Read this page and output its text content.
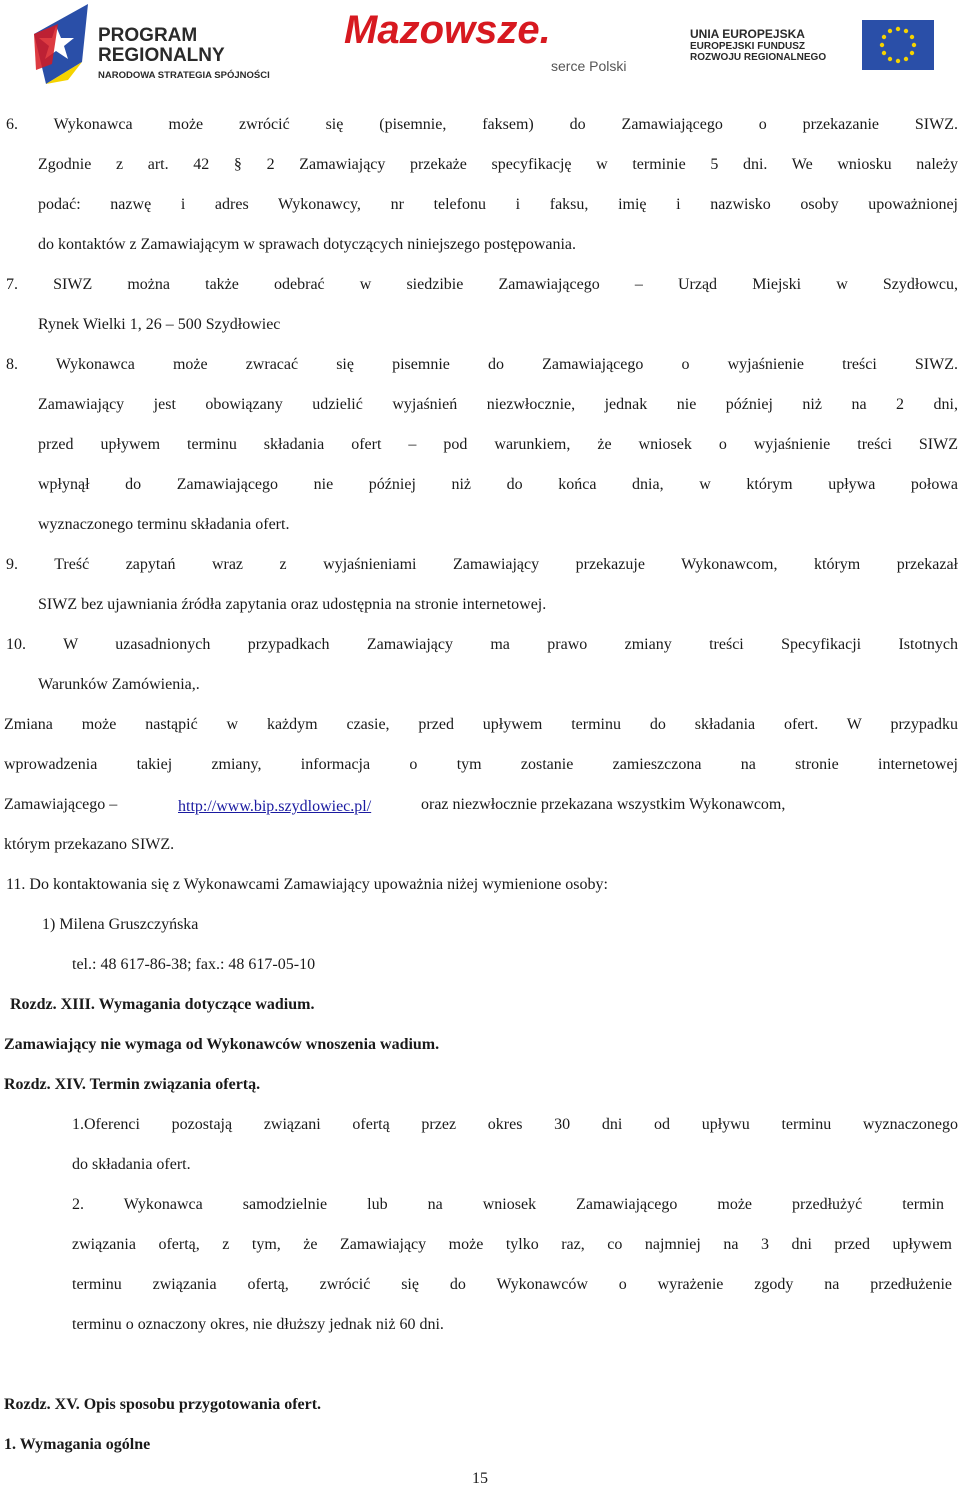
PROGRAM
REGIONALNY
NARODOWA STRATEGIA SPÓJNOŚCI
Mazowsze.
serce Polski
UNIA EUROPEJSKA
EUROPEJSKI FUNDUSZ
ROZWOJU REGIONALNEGO
6. Wykonawca może zwrócić się (pisemnie, faksem) do Zamawiającego o przekazanie SIWZ.
Zgodnie z art. 42 § 2 Zamawiający przekaże specyfikację w terminie 5 dni. We wniosku należy
podać: nazwę i adres Wykonawcy, nr telefonu i faksu, imię i nazwisko osoby upoważnionej
do kontaktów z Zamawiającym w sprawach dotyczących niniejszego postępowania.
7. SIWZ można także odebrać w siedzibie Zamawiającego – Urząd Miejski w Szydłowcu,
Rynek Wielki 1, 26 – 500 Szydłowiec
8. Wykonawca może zwracać się pisemnie do Zamawiającego o wyjaśnienie treści SIWZ.
Zamawiający jest obowiązany udzielić wyjaśnień niezwłocznie, jednak nie później niż na 2 dni,
przed upływem terminu składania ofert – pod warunkiem, że wniosek o wyjaśnienie treści SIWZ
wpłynął do Zamawiającego nie później niż do końca dnia, w którym upływa połowa
wyznaczonego terminu składania ofert.
9. Treść zapytań wraz z wyjaśnieniami Zamawiający przekazuje Wykonawcom, którym przekazał
SIWZ bez ujawniania źródła zapytania oraz udostępnia na stronie internetowej.
10. W uzasadnionych przypadkach Zamawiający ma prawo zmiany treści Specyfikacji Istotnych
Warunków Zamówienia,.
Zmiana może nastąpić w każdym czasie, przed upływem terminu do składania ofert. W przypadku
wprowadzenia takiej zmiany, informacja o tym zostanie zamieszczona na stronie internetowej
Zamawiającego –	http://www.bip.szydlowiec.pl/	oraz niezwłocznie przekazana wszystkim Wykonawcom,
którym przekazano SIWZ.
11. Do kontaktowania się z Wykonawcami Zamawiający upoważnia niżej wymienione osoby:
1) Milena Gruszczyńska
tel.: 48 617-86-38; fax.: 48 617-05-10
Rozdz. XIII. Wymagania dotyczące wadium.
Zamawiający nie wymaga od Wykonawców wnoszenia wadium.
Rozdz. XIV. Termin związania ofertą.
1.Oferenci pozostają związani ofertą przez okres 30 dni od upływu terminu wyznaczonego
do składania ofert.
2. Wykonawca samodzielnie lub na wniosek Zamawiającego może przedłużyć termin
związania ofertą, z tym, że Zamawiający może tylko raz, co najmniej na 3 dni przed upływem
terminu związania ofertą, zwrócić się do Wykonawców o wyrażenie zgody na przedłużenie
terminu o oznaczony okres, nie dłuższy jednak niż 60 dni.
Rozdz. XV. Opis sposobu przygotowania ofert.
1. Wymagania ogólne
15
